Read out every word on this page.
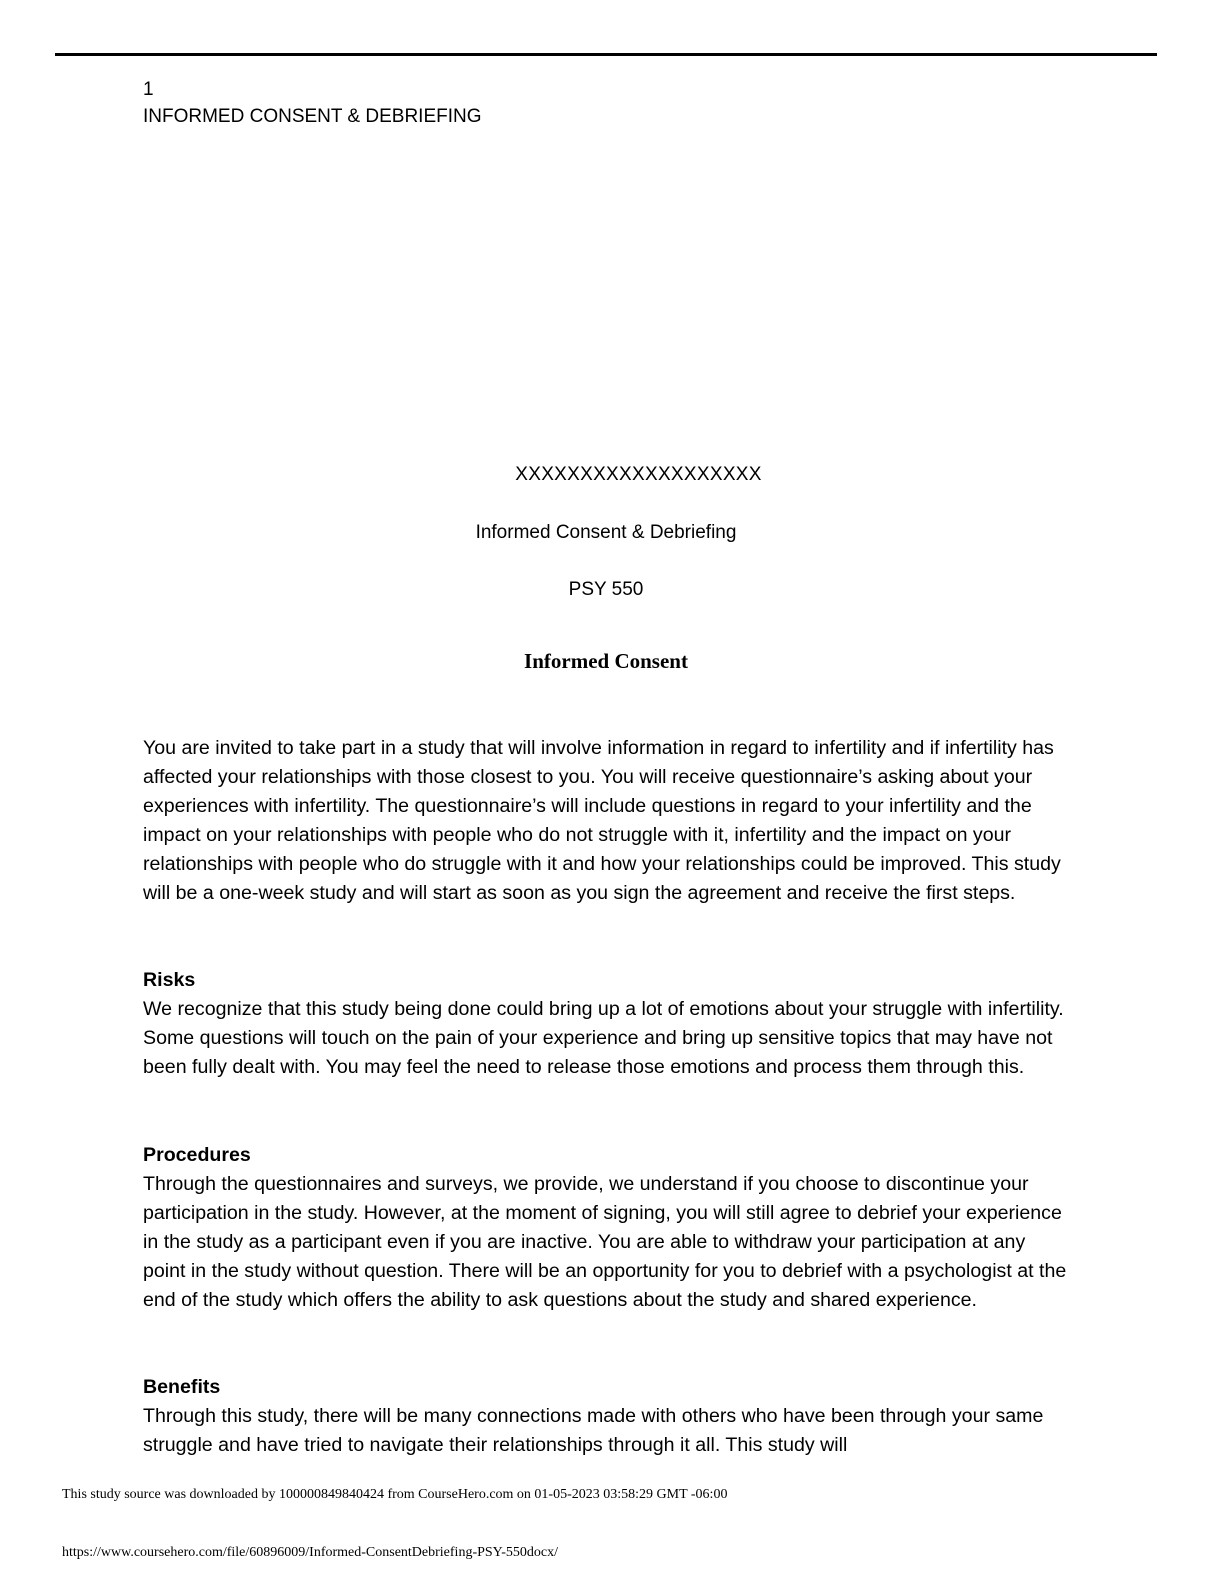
1
INFORMED CONSENT & DEBRIEFING
XXXXXXXXXXXXXXXXXXX
Informed Consent & Debriefing
PSY 550
Informed Consent

You are invited to take part in a study that will involve information in regard to infertility and if infertility has affected your relationships with those closest to you. You will receive questionnaire’s asking about your experiences with infertility. The questionnaire’s will include questions in regard to your infertility and the impact on your relationships with people who do not struggle with it, infertility and the impact on your relationships with people who do struggle with it and how your relationships could be improved. This study will be a one-week study and will start as soon as you sign the agreement and receive the first steps.

Risks

We recognize that this study being done could bring up a lot of emotions about your struggle with infertility. Some questions will touch on the pain of your experience and bring up sensitive topics that may have not been fully dealt with. You may feel the need to release those emotions and process them through this.

Procedures

Through the questionnaires and surveys, we provide, we understand if you choose to discontinue your participation in the study. However, at the moment of signing, you will still agree to debrief your experience in the study as a participant even if you are inactive. You are able to withdraw your participation at any point in the study without question. There will be an opportunity for you to debrief with a psychologist at the end of the study which offers the ability to ask questions about the study and shared experience.

Benefits

Through this study, there will be many connections made with others who have been through your same struggle and have tried to navigate their relationships through it all. This study will

This study source was downloaded by 100000849840424 from CourseHero.com on 01-05-2023 03:58:29 GMT -06:00
https://www.coursehero.com/file/60896009/Informed-ConsentDebriefing-PSY-550docx/
